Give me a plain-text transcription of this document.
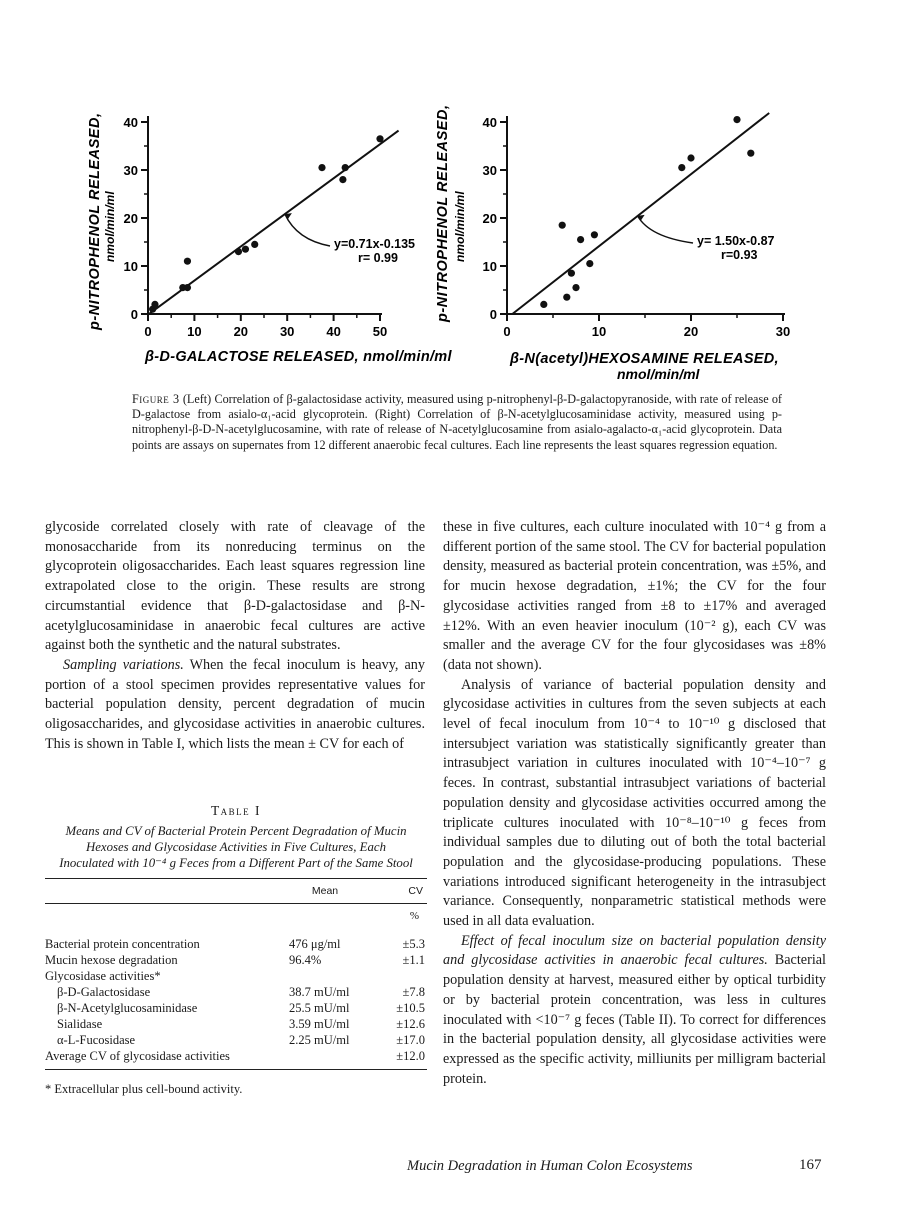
p-NITROPHENOL RELEASED, nmol/min/ml
0
10
20
30
40
0	10 20 30 40 50
y=0.71x-0.135
r= 0.99
β-D-GALACTOSE RELEASED, nmol/min/ml
p-NITROPHENOL RELEASED, nmol/min/ml
0
10
20
30
40
0	10	20	30
y= 1.50x-0.87
r=0.93
β-N(acetyl)HEXOSAMINE RELEASED,
nmol/min/ml
Figure 3 (Left) Correlation of β-galactosidase activity, measured using p-nitrophenyl-β-D-galactopyranoside, with rate of release of D-galactose from asialo-α₁-acid glycoprotein. (Right) Correlation of β-N-acetylglucosaminidase activity, measured using p-nitrophenyl-β-D-N-acetylglucosamine, with rate of release of N-acetylglucosamine from asialo-agalacto-α₁-acid glycoprotein. Data points are assays on supernates from 12 different anaerobic fecal cultures. Each line represents the least squares regression equation.

glycoside correlated closely with rate of cleavage of the monosaccharide from its nonreducing terminus on the glycoprotein oligosaccharides. Each least squares regression line extrapolated close to the origin. These results are strong circumstantial evidence that β-D-galactosidase and β-N-acetylglucosaminidase in anaerobic fecal cultures are active against both the synthetic and the natural substrates.

Sampling variations. When the fecal inoculum is heavy, any portion of a stool specimen provides representative values for bacterial population density, percent degradation of mucin oligosaccharides, and glycosidase activities in anaerobic cultures. This is shown in Table I, which lists the mean ± CV for each of

Table I
Means and CV of Bacterial Protein Percent Degradation of Mucin Hexoses and Glycosidase Activities in Five Cultures, Each Inoculated with 10⁻⁴ g Feces from a Different Part of the Same Stool
	Mean	CV
		%

Bacterial protein concentration	476 μg/ml	±5.3
Mucin hexose degradation	96.4%	±1.1
Glycosidase activities*		
β-D-Galactosidase	38.7 mU/ml	±7.8
β-N-Acetylglucosaminidase	25.5 mU/ml	±10.5
Sialidase	3.59 mU/ml	±12.6
α-L-Fucosidase	2.25 mU/ml	±17.0
Average CV of glycosidase activities		±12.0
* Extracellular plus cell-bound activity.

these in five cultures, each culture inoculated with 10⁻⁴ g from a different portion of the same stool. The CV for bacterial population density, measured as bacterial protein concentration, was ±5%, and for mucin hexose degradation, ±1%; the CV for the four glycosidase activities ranged from ±8 to ±17% and averaged ±12%. With an even heavier inoculum (10⁻² g), each CV was smaller and the average CV for the four glycosidases was ±8% (data not shown).

Analysis of variance of bacterial population density and glycosidase activities in cultures from the seven subjects at each level of fecal inoculum from 10⁻⁴ to 10⁻¹⁰ g disclosed that intersubject variation was statistically significantly greater than intrasubject variation in cultures inoculated with 10⁻⁴–10⁻⁷ g feces. In contrast, substantial intrasubject variations of bacterial population density and glycosidase activities occurred among the triplicate cultures inoculated with 10⁻⁸–10⁻¹⁰ g feces from individual samples due to diluting out of both the total bacterial population and the glycosidase-producing populations. These variations introduced significant heterogeneity in the intrasubject variance. Consequently, nonparametric statistical methods were used in all data evaluation.

Effect of fecal inoculum size on bacterial population density and glycosidase activities in anaerobic fecal cultures. Bacterial population density at harvest, measured either by optical turbidity or by bacterial protein concentration, was less in cultures inoculated with <10⁻⁷ g feces (Table II). To correct for differences in the bacterial population density, all glycosidase activities were expressed as the specific activity, milliunits per milligram bacterial protein.

Mucin Degradation in Human Colon Ecosystems	167
